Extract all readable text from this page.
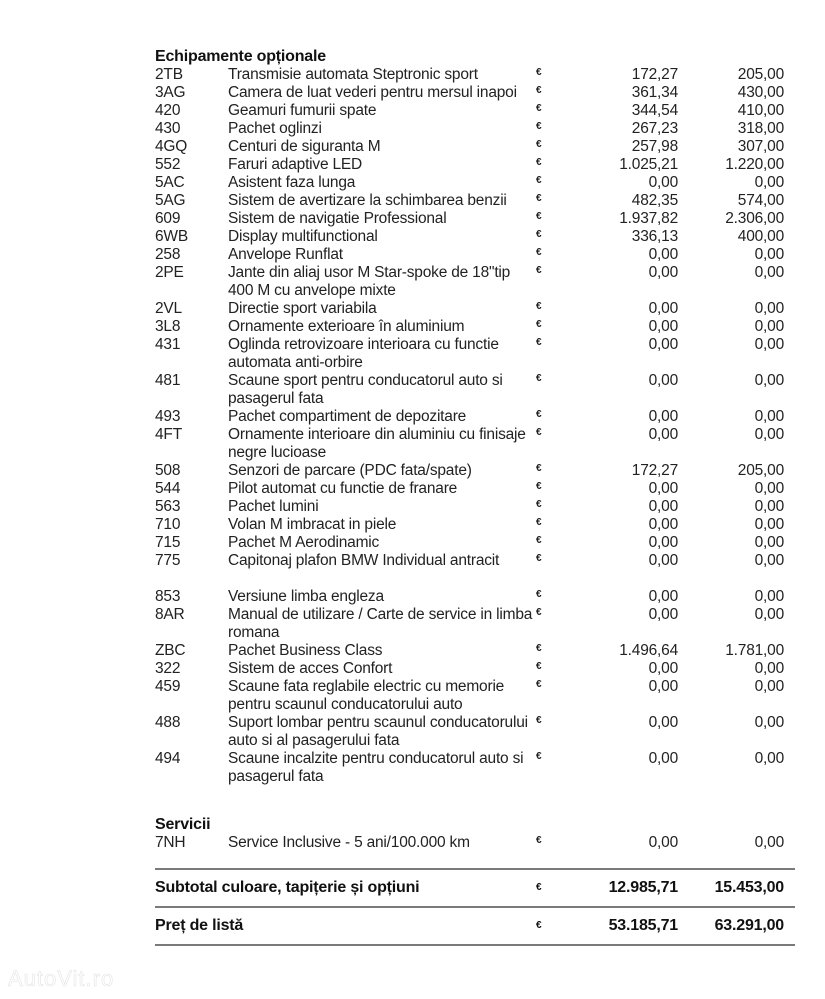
Echipamente opționale
2TB	Transmisie automata Steptronic sport	€	172,27	205,00
3AG	Camera de luat vederi pentru mersul inapoi	€	361,34	430,00
420	Geamuri fumurii spate	€	344,54	410,00
430	Pachet oglinzi	€	267,23	318,00
4GQ	Centuri de siguranta M	€	257,98	307,00
552	Faruri adaptive LED	€	1.025,21	1.220,00
5AC	Asistent faza lunga	€	0,00	0,00
5AG	Sistem de avertizare la schimbarea benzii	€	482,35	574,00
609	Sistem de navigatie Professional	€	1.937,82	2.306,00
6WB	Display multifunctional	€	336,13	400,00
258	Anvelope Runflat	€	0,00	0,00
2PE	Jante din aliaj usor M Star-spoke de 18"tip 400 M cu anvelope mixte
€	0,00	0,00
2VL	Directie sport variabila	€	0,00	0,00
3L8	Ornamente exterioare în aluminium	€	0,00	0,00
431	Oglinda retrovizoare interioara cu functie automata anti-orbire
€	0,00	0,00
481	Scaune sport pentru conducatorul auto si pasagerul fata
€	0,00	0,00
493	Pachet compartiment de depozitare	€	0,00	0,00
4FT	Ornamente interioare din aluminiu cu finisaje negre lucioase
€	0,00	0,00
508	Senzori de parcare (PDC fata/spate)	€	172,27	205,00
544	Pilot automat cu functie de franare	€	0,00	0,00
563	Pachet lumini	€	0,00	0,00
710	Volan M imbracat in piele	€	0,00	0,00
715	Pachet M Aerodinamic	€	0,00	0,00
775	Capitonaj plafon BMW Individual antracit	€	0,00	0,00
853	Versiune limba engleza	€	0,00	0,00
8AR	Manual de utilizare / Carte de service in limba romana
€	0,00	0,00
ZBC	Pachet Business Class	€	1.496,64	1.781,00
322	Sistem de acces Confort	€	0,00	0,00
459	Scaune fata reglabile electric cu memorie pentru scaunul conducatorului auto
€	0,00	0,00
488	Suport lombar pentru scaunul conducatorului auto si al pasagerului fata
€	0,00	0,00
494	Scaune incalzite pentru conducatorul auto si pasagerul fata
€	0,00	0,00
Servicii
7NH	Service Inclusive - 5 ani/100.000 km	€	0,00	0,00
Subtotal culoare, tapițerie și opțiuni	€	12.985,71	15.453,00
Preț de listă	€	53.185,71	63.291,00
AutoVit.ro
